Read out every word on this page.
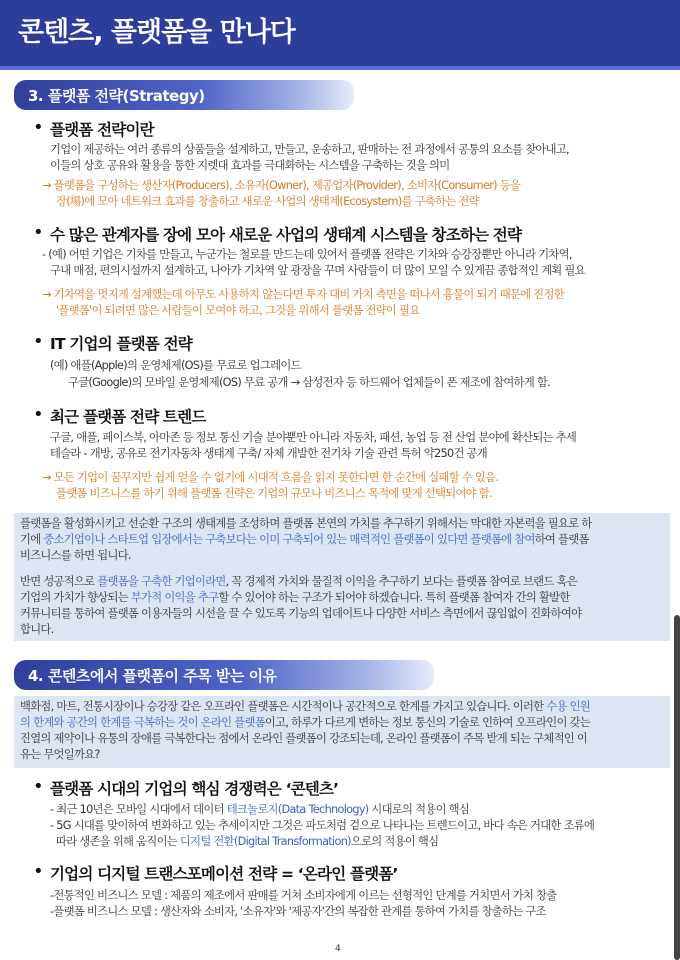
콘텐츠, 플랫폼을 만나다
3. 플랫폼 전략(Strategy)
• 플랫폼 전략이란
기업이 제공하는 여러 종류의 상품들을 설계하고, 만들고, 운송하고, 판매하는 전 과정에서 공통의 요소를 찾아내고,
이들의 상호 공유와 활용을 통한 지렛대 효과를 극대화하는 시스템을 구축하는 것을 의미
→ 플랫폼을 구성하는 생산자(Producers), 소유자(Owner), 제공업자(Provider), 소비자(Consumer) 등을
장(場)에 모아 네트워크 효과를 창출하고 새로운 사업의 생태계(Ecosystem)를 구축하는 전략
• 수 많은 관계자를 장에 모아 새로운 사업의 생태계 시스템을 창조하는 전략
- (예) 어떤 기업은 기차를 만들고, 누군가는 철로를 만드는데 있어서 플랫폼 전략은 기차와 승강장뿐만 아니라 기차역,
구내 매점, 편의시설까지 설계하고, 나아가 기차역 앞 광장을 꾸며 사람들이 더 많이 모일 수 있게끔 종합적인 계획 필요
→ 기차역을 멋지게 설계했는데 아무도 사용하지 않는다면 투자 대비 가치 측면을 떠나서 흉물이 되기 때문에 진정한
'플랫폼'이 되려면 많은 사람들이 모여야 하고, 그것을 위해서 플랫폼 전략이 필요
• IT 기업의 플랫폼 전략
(예) 애플(Apple)의 운영체제(OS)를 무료로 업그레이드
구글(Google)의 모바일 운영체제(OS) 무료 공개 → 삼성전자 등 하드웨어 업체들이 폰 제조에 참여하게 함.
• 최근 플랫폼 전략 트렌드
구글, 애플, 페이스북, 아마존 등 정보 통신 기술 분야뿐만 아니라 자동차, 패션, 농업 등 전 산업 분야에 확산되는 추세
테슬라 - 개방, 공유로 전기자동차 생태계 구축/ 자체 개발한 전기차 기술 관련 특허 약250건 공개
→ 모든 기업이 꿈꾸지만 쉽게 얻을 수 없기에 시대적 흐름을 읽지 못한다면 한 순간에 실패할 수 있음.
플랫폼 비즈니스를 하기 위해 플랫폼 전략은 기업의 규모나 비즈니스 목적에 맞게 선택되어야 함.
플랫폼을 활성화시키고 선순환 구조의 생태계를 조성하며 플랫폼 본연의 가치를 추구하기 위해서는 막대한 자본력을 필요로 하
기에 중소기업이나 스타트업 입장에서는 구축보다는 이미 구축되어 있는 매력적인 플랫폼이 있다면 플랫폼에 참여하여 플랫폼
비즈니스를 하면 됩니다.
반면 성공적으로 플랫폼을 구축한 기업이라면, 꼭 경제적 가치와 물질적 이익을 추구하기 보다는 플랫폼 참여로 브랜드 혹은
기업의 가치가 향상되는 부가적 이익을 추구할 수 있어야 하는 구조가 되어야 하겠습니다. 특히 플랫폼 참여자 간의 활발한
커뮤니티를 통하여 플랫폼 이용자들의 시선을 끌 수 있도록 기능의 업데이트나 다양한 서비스 측면에서 끊임없이 진화하여야
합니다.
4. 콘텐츠에서 플랫폼이 주목 받는 이유
백화점, 마트, 전통시장이나 승강장 같은 오프라인 플랫폼은 시간적이나 공간적으로 한계를 가지고 있습니다. 이러한 수용 인원
의 한계와 공간의 한계를 극복하는 것이 온라인 플랫폼이고, 하루가 다르게 변하는 정보 통신의 기술로 인하여 오프라인이 갖는
진열의 제약이나 유통의 장애를 극복한다는 점에서 온라인 플랫폼이 강조되는데, 온라인 플랫폼이 주목 받게 되는 구체적인 이
유는 무엇일까요?
• 플랫폼 시대의 기업의 핵심 경쟁력은 ‘콘텐츠’
- 최근 10년은 모바일 시대에서 데이터 테크놀로지(Data Technology) 시대로의 적용이 핵심
- 5G 시대를 맞이하여 변화하고 있는 추세이지만 그것은 파도처럼 겉으로 나타나는 트렌드이고, 바다 속은 거대한 조류에
따라 생존을 위해 움직이는 디지털 전환(Digital Transformation)으로의 적용이 핵심
• 기업의 디지털 트랜스포메이션 전략 = ‘온라인 플랫폼’
-전통적인 비즈니스 모델 : 제품의 제조에서 판매를 거쳐 소비자에게 이르는 선형적인 단계를 거치면서 가치 창출
-플랫폼 비즈니스 모델 : 생산자와 소비자, '소유자'와 '제공자'간의 복잡한 관계를 통하여 가치를 창출하는 구조
4
